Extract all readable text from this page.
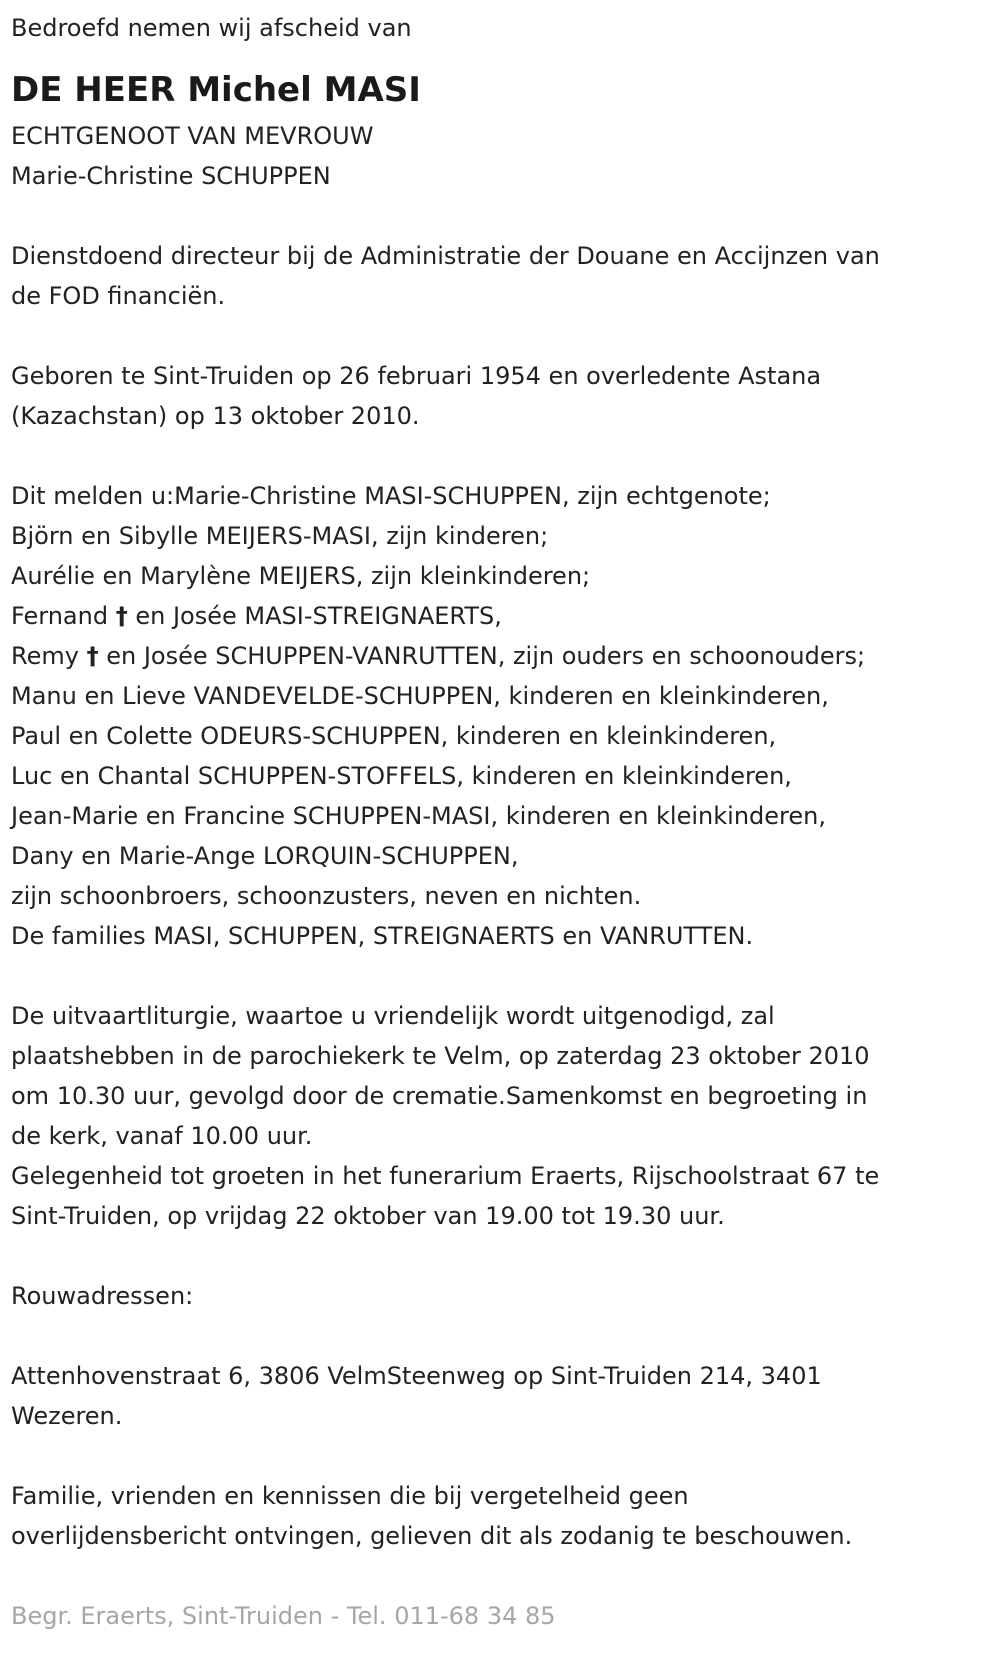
Bedroefd nemen wij afscheid van
DE HEER Michel MASI
ECHTGENOOT VAN MEVROUW
Marie-Christine SCHUPPEN
Dienstdoend directeur bij de Administratie der Douane en Accijnzen van
de FOD financiën.
Geboren te Sint-Truiden op 26 februari 1954 en overledente Astana
(Kazachstan) op 13 oktober 2010.
Dit melden u:Marie-Christine MASI-SCHUPPEN, zijn echtgenote;
Björn en Sibylle MEIJERS-MASI, zijn kinderen;
Aurélie en Marylène MEIJERS, zijn kleinkinderen;
Fernand † en Josée MASI-STREIGNAERTS,
Remy † en Josée SCHUPPEN-VANRUTTEN, zijn ouders en schoonouders;
Manu en Lieve VANDEVELDE-SCHUPPEN, kinderen en kleinkinderen,
Paul en Colette ODEURS-SCHUPPEN, kinderen en kleinkinderen,
Luc en Chantal SCHUPPEN-STOFFELS, kinderen en kleinkinderen,
Jean-Marie en Francine SCHUPPEN-MASI, kinderen en kleinkinderen,
Dany en Marie-Ange LORQUIN-SCHUPPEN,
zijn schoonbroers, schoonzusters, neven en nichten.
De families MASI, SCHUPPEN, STREIGNAERTS en VANRUTTEN.
De uitvaartliturgie, waartoe u vriendelijk wordt uitgenodigd, zal
plaatshebben in de parochiekerk te Velm, op zaterdag 23 oktober 2010
om 10.30 uur, gevolgd door de crematie.Samenkomst en begroeting in
de kerk, vanaf 10.00 uur.
Gelegenheid tot groeten in het funerarium Eraerts, Rijschoolstraat 67 te
Sint-Truiden, op vrijdag 22 oktober van 19.00 tot 19.30 uur.
Rouwadressen:
Attenhovenstraat 6, 3806 VelmSteenweg op Sint-Truiden 214, 3401
Wezeren.
Familie, vrienden en kennissen die bij vergetelheid geen
overlijdensbericht ontvingen, gelieven dit als zodanig te beschouwen.
Begr. Eraerts, Sint-Truiden - Tel. 011-68 34 85
